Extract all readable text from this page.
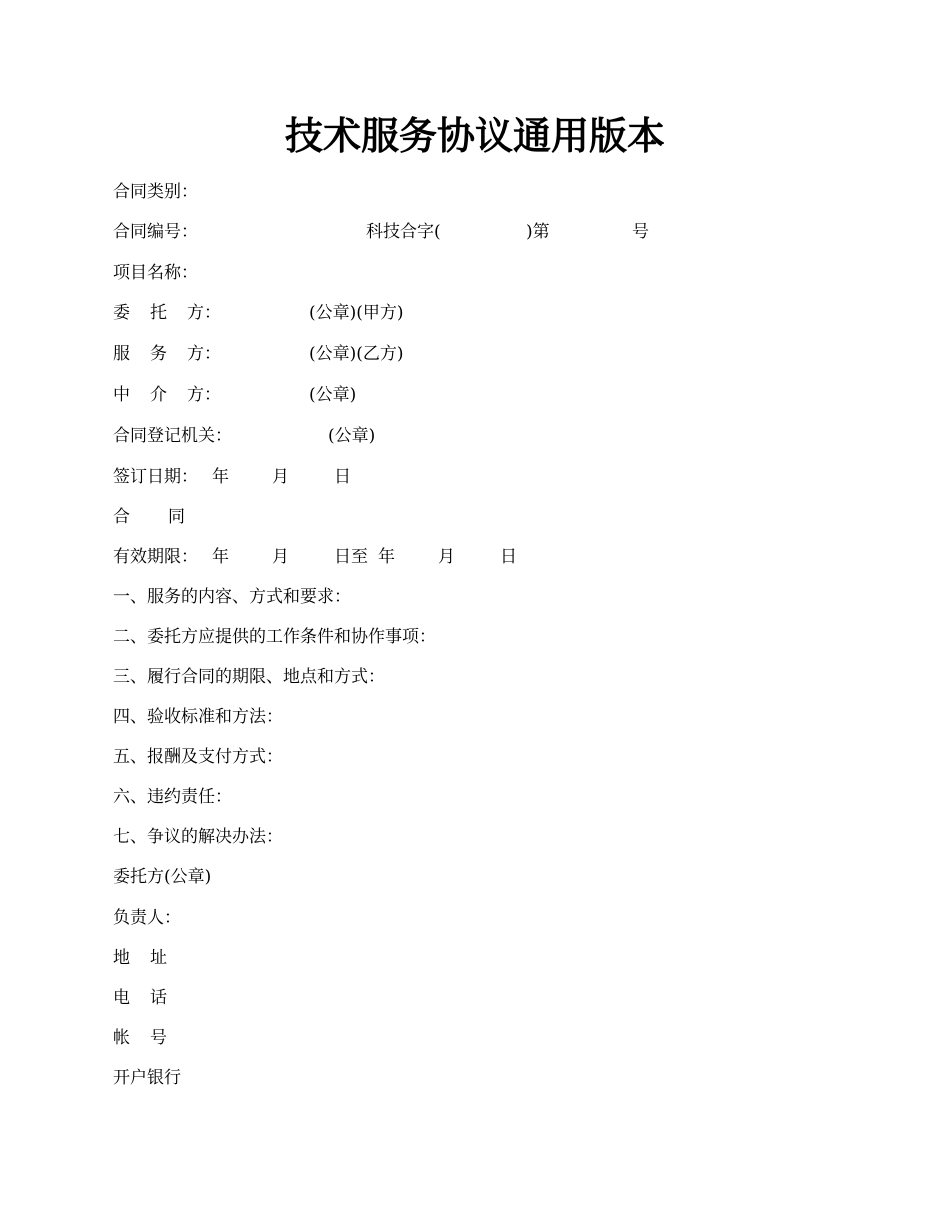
技术服务协议通用版本
合同类别：
合同编号：	科技合字(	)第	号
项目名称：
委 托 方：	(公章)(甲方)
服 务 方：	(公章)(乙方)
中 介 方：	(公章)
合同登记机关：	(公章)
签订日期： 年	月	日
合 同
有效期限： 年	月	日至 年	月	日
一、服务的内容、方式和要求：
二、委托方应提供的工作条件和协作事项：
三、履行合同的期限、地点和方式：
四、验收标准和方法：
五、报酬及支付方式：
六、违约责任：
七、争议的解决办法：
委托方(公章)
负责人：
地 址
电 话
帐 号
开户银行
